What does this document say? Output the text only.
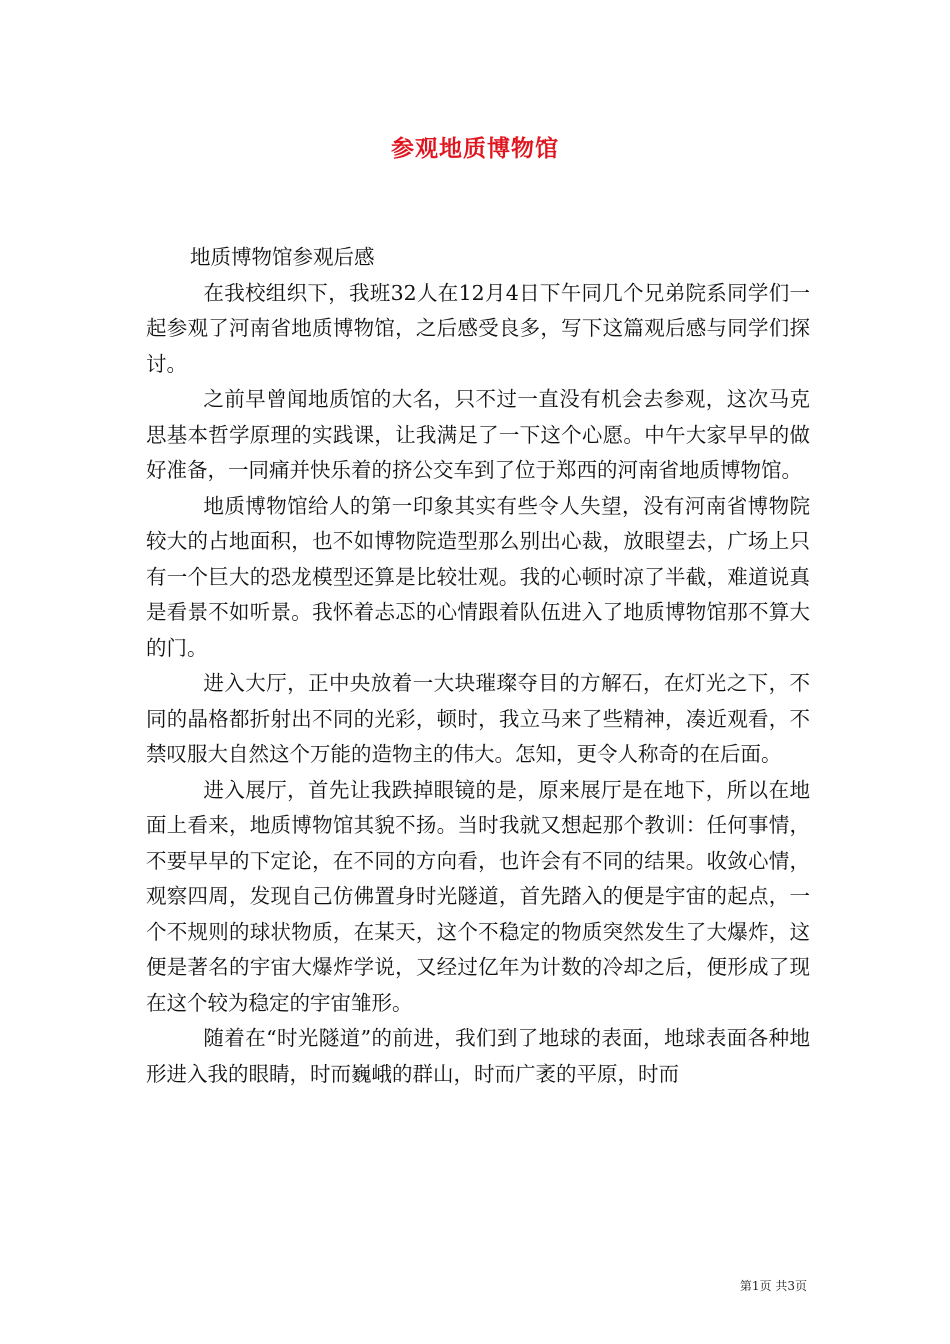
参观地质博物馆

地质博物馆参观后感

在我校组织下，我班32人在12月4日下午同几个兄弟院系同学们一起参观了河南省地质博物馆，之后感受良多，写下这篇观后感与同学们探讨。

之前早曾闻地质馆的大名，只不过一直没有机会去参观，这次马克思基本哲学原理的实践课，让我满足了一下这个心愿。中午大家早早的做好准备，一同痛并快乐着的挤公交车到了位于郑西的河南省地质博物馆。

地质博物馆给人的第一印象其实有些令人失望，没有河南省博物院较大的占地面积，也不如博物院造型那么别出心裁，放眼望去，广场上只有一个巨大的恐龙模型还算是比较壮观。我的心顿时凉了半截，难道说真是看景不如听景。我怀着忐忑的心情跟着队伍进入了地质博物馆那不算大的门。

进入大厅，正中央放着一大块璀璨夺目的方解石，在灯光之下，不同的晶格都折射出不同的光彩，顿时，我立马来了些精神，凑近观看，不禁叹服大自然这个万能的造物主的伟大。怎知，更令人称奇的在后面。

进入展厅，首先让我跌掉眼镜的是，原来展厅是在地下，所以在地面上看来，地质博物馆其貌不扬。当时我就又想起那个教训：任何事情，不要早早的下定论，在不同的方向看，也许会有不同的结果。收敛心情，观察四周，发现自己仿佛置身时光隧道，首先踏入的便是宇宙的起点，一个不规则的球状物质，在某天，这个不稳定的物质突然发生了大爆炸，这便是著名的宇宙大爆炸学说，又经过亿年为计数的冷却之后，便形成了现在这个较为稳定的宇宙雏形。

随着在“时光隧道”的前进，我们到了地球的表面，地球表面各种地形进入我的眼睛，时而巍峨的群山，时而广袤的平原，时而

第1页 共3页
